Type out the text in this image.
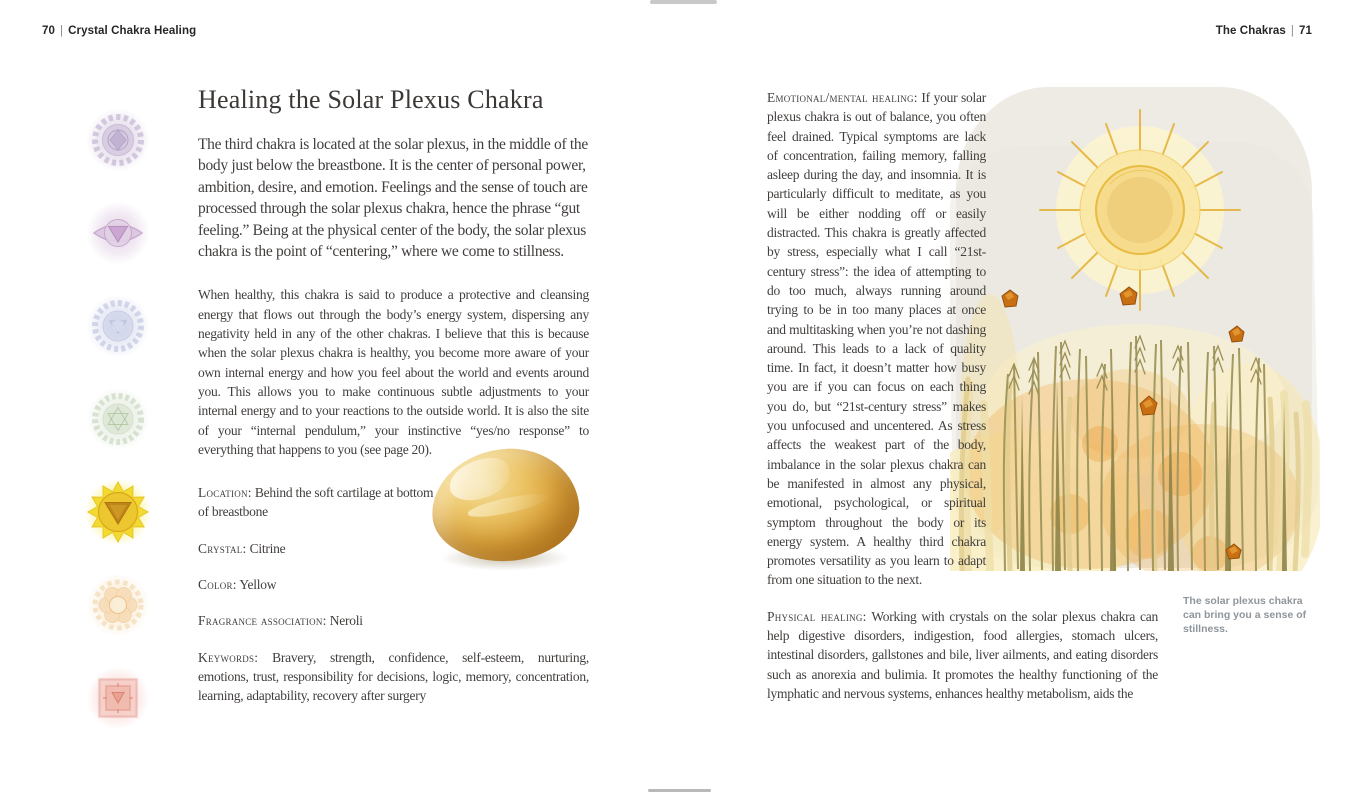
70 | Crystal Chakra Healing	The Chakras | 71
Healing the Solar Plexus Chakra

The third chakra is located at the solar plexus, in the middle of the body just below the breastbone. It is the center of personal power, ambition, desire, and emotion. Feelings and the sense of touch are processed through the solar plexus chakra, hence the phrase “gut feeling.” Being at the physical center of the body, the solar plexus chakra is the point of “centering,” where we come to stillness.

When healthy, this chakra is said to produce a protective and cleansing energy that flows out through the body’s energy system, dispersing any negativity held in any of the other chakras. I believe that this is because when the solar plexus chakra is healthy, you become more aware of your own internal energy and how you feel about the world and events around you. This allows you to make continuous subtle adjustments to your internal energy and to your reactions to the outside world. It is also the site of your “internal pendulum,” your instinctive “yes/no response” to everything that happens to you (see page 20).

Location: Behind the soft cartilage at bottom of breastbone

Crystal: Citrine

Color: Yellow

Fragrance association: Neroli

Keywords: Bravery, strength, confidence, self-esteem, nurturing, emotions, trust, responsibility for decisions, logic, memory, concentration, learning, adaptability, recovery after surgery

Emotional/mental healing: If your solar plexus chakra is out of balance, you often feel drained. Typical symptoms are lack of concentration, failing memory, falling asleep during the day, and insomnia. It is particularly difficult to meditate, as you will be either nodding off or easily distracted. This chakra is greatly affected by stress, especially what I call “21st-century stress”: the idea of attempting to do too much, always running around trying to be in too many places at once and multitasking when you’re not dashing around. This leads to a lack of quality time. In fact, it doesn’t matter how busy you are if you can focus on each thing you do, but “21st-century stress” makes you unfocused and uncentered. As stress affects the weakest part of the body, imbalance in the solar plexus chakra can be manifested in almost any physical, emotional, psychological, or spiritual symptom throughout the body or its energy system. A healthy third chakra promotes versatility as you learn to adapt from one situation to the next.

Physical healing: Working with crystals on the solar plexus chakra can help digestive disorders, indigestion, food allergies, stomach ulcers, intestinal disorders, gallstones and bile, liver ailments, and eating disorders such as anorexia and bulimia. It promotes the healthy functioning of the lymphatic and nervous systems, enhances healthy metabolism, aids the

The solar plexus chakra can bring you a sense of stillness.
